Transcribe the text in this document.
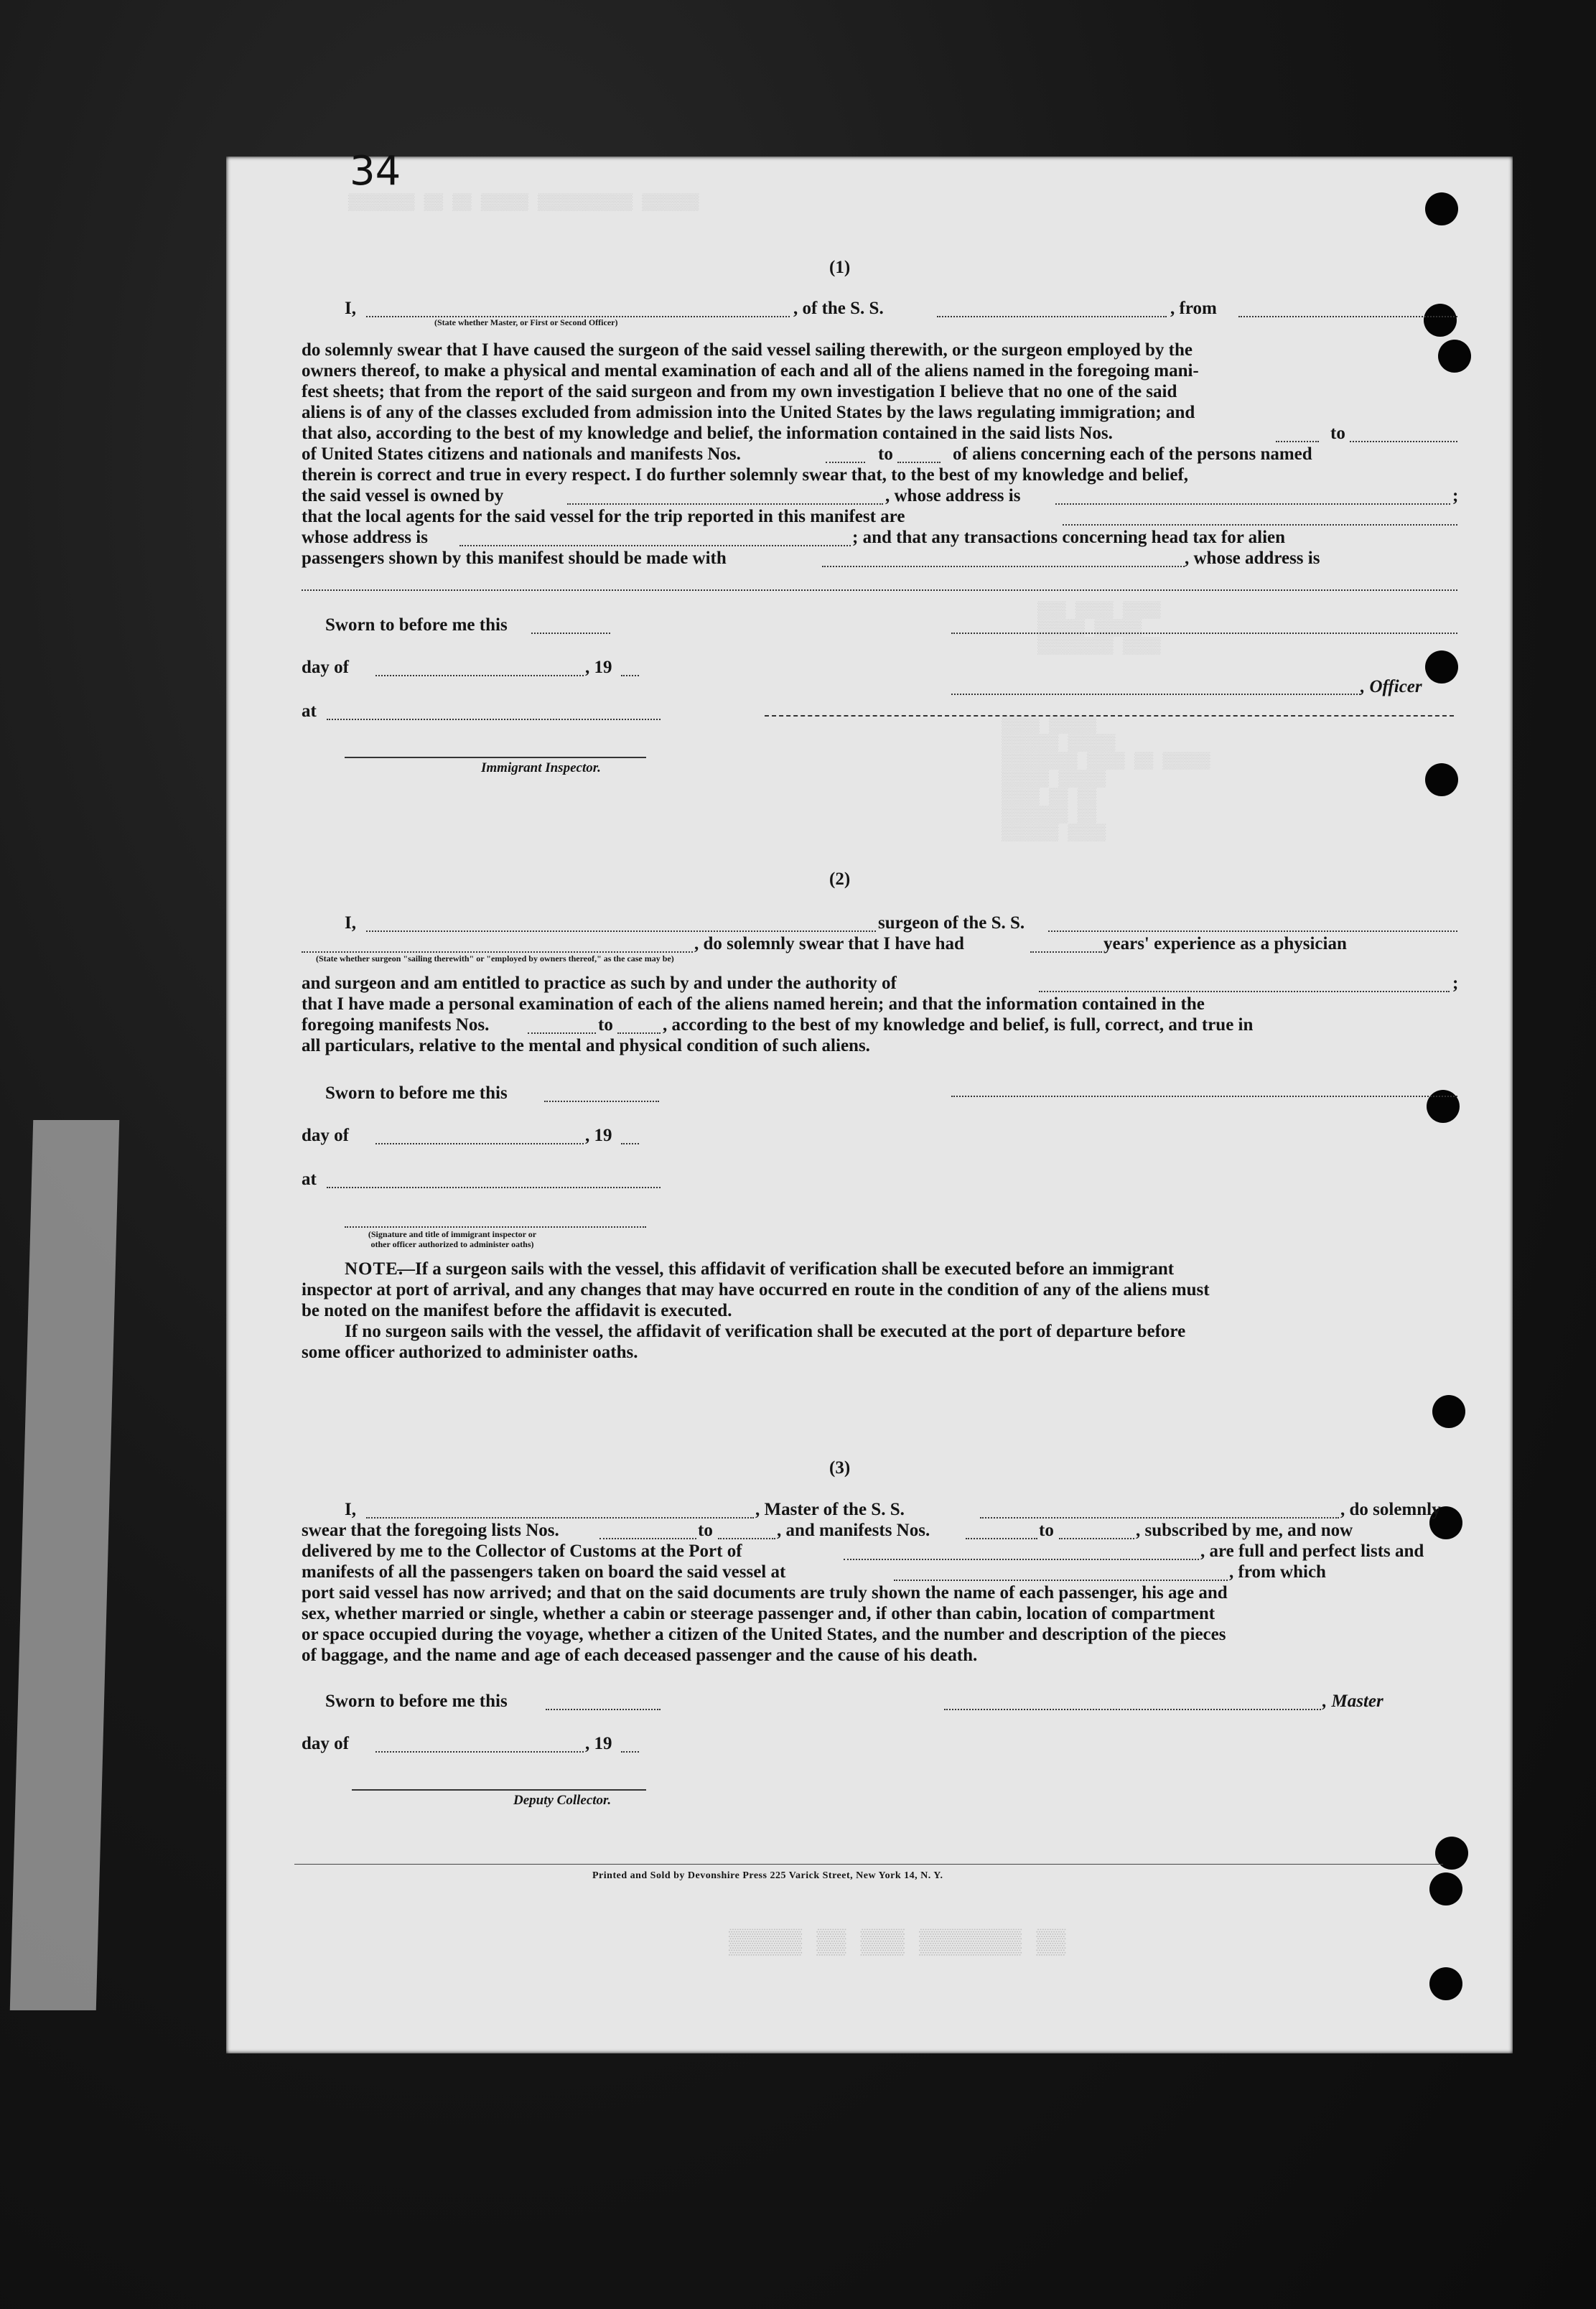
34
▒▒▒▒▒▒▒ ▒▒ ▒▒ ▒▒▒▒▒ ▒▒▒▒▒▒▒▒▒▒ ▒▒▒▒▒▒
▒▒▒ ▒▒▒▒ ▒▒▒▒
▒▒▒▒▒ ▒▒▒▒▒
▒▒▒▒▒▒▒▒ ▒▒▒▒
▒▒▒▒ ▒▒▒▒▒
▒▒▒▒▒▒ ▒▒▒▒▒
▒▒▒▒▒▒▒▒ ▒▒▒▒ ▒▒ ▒▒▒▒▒
▒▒▒▒▒ ▒▒▒▒▒
▒▒▒▒ ▒▒ ▒▒
▒▒▒▒▒▒▒ ▒▒
▒▒▒▒▒▒ ▒▒▒▒
▒▒▒▒▒ ▒▒ ▒▒▒ ▒▒▒▒▒▒▒ ▒▒
(1)
I,
(State whether Master, or First or Second Officer)
, of the S. S.	, from
do solemnly swear that I have caused the surgeon of the said vessel sailing therewith, or the surgeon employed by the
owners thereof, to make a physical and mental examination of each and all of the aliens named in the foregoing mani-
fest sheets; that from the report of the said surgeon and from my own investigation I believe that no one of the said
aliens is of any of the classes excluded from admission into the United States by the laws regulating immigration; and
that also, according to the best of my knowledge and belief, the information contained in the said lists Nos.	to
of United States citizens and nationals and manifests Nos.	to	of aliens concerning each of the persons named
therein is correct and true in every respect. I do further solemnly swear that, to the best of my knowledge and belief,
the said vessel is owned by	, whose address is	;
that the local agents for the said vessel for the trip reported in this manifest are
whose address is	; and that any transactions concerning head tax for alien
passengers shown by this manifest should be made with	, whose address is
Sworn to before me this
day of	, 19
, Officer
at
Immigrant Inspector.
(2)
I,	surgeon of the S. S.
, do solemnly swear that I have had	years' experience as a physician
(State whether surgeon "sailing therewith" or "employed by owners thereof," as the case may be)
and surgeon and am entitled to practice as such by and under the authority of	;
that I have made a personal examination of each of the aliens named herein; and that the information contained in the
foregoing manifests Nos.	to	, according to the best of my knowledge and belief, is full, correct, and true in
all particulars, relative to the mental and physical condition of such aliens.
Sworn to before me this
day of	, 19
at
(Signature and title of immigrant inspector or other officer authorized to administer oaths)
NOTE.
—If a surgeon sails with the vessel, this affidavit of verification shall be executed before an immigrant
inspector at port of arrival, and any changes that may have occurred en route in the condition of any of the aliens must
be noted on the manifest before the affidavit is executed.
If no surgeon sails with the vessel, the affidavit of verification shall be executed at the port of departure before
some officer authorized to administer oaths.
(3)
I,	, Master of the S. S.	, do solemnly
swear that the foregoing lists Nos.	to	, and manifests Nos.	to	, subscribed by me, and now
delivered by me to the Collector of Customs at the Port of	, are full and perfect lists and
manifests of all the passengers taken on board the said vessel at	, from which
port said vessel has now arrived; and that on the said documents are truly shown the name of each passenger, his age and
sex, whether married or single, whether a cabin or steerage passenger and, if other than cabin, location of compartment
or space occupied during the voyage, whether a citizen of the United States, and the number and description of the pieces
of baggage, and the name and age of each deceased passenger and the cause of his death.
Sworn to before me this	, Master
day of	, 19
Deputy Collector.
Printed and Sold by Devonshire Press 225 Varick Street, New York 14, N. Y.
